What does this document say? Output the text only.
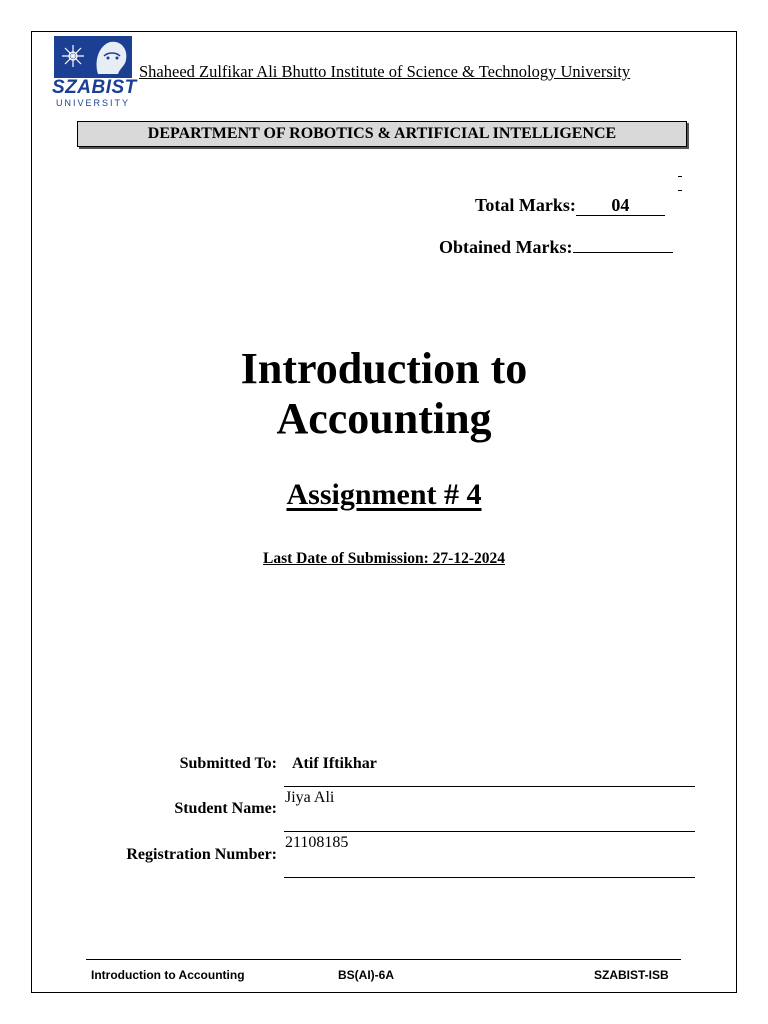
SZABIST
UNIVERSITY
Shaheed Zulfikar Ali Bhutto Institute of Science & Technology University
DEPARTMENT OF ROBOTICS & ARTIFICIAL INTELLIGENCE
Total Marks: 04
Obtained Marks:
Introduction to
Accounting
Assignment # 4
Last Date of Submission: 27-12-2024
Submitted To: Atif Iftikhar
Student Name:
Jiya Ali
Registration Number:
21108185
Introduction to Accounting	BS(AI)-6A	SZABIST-ISB
